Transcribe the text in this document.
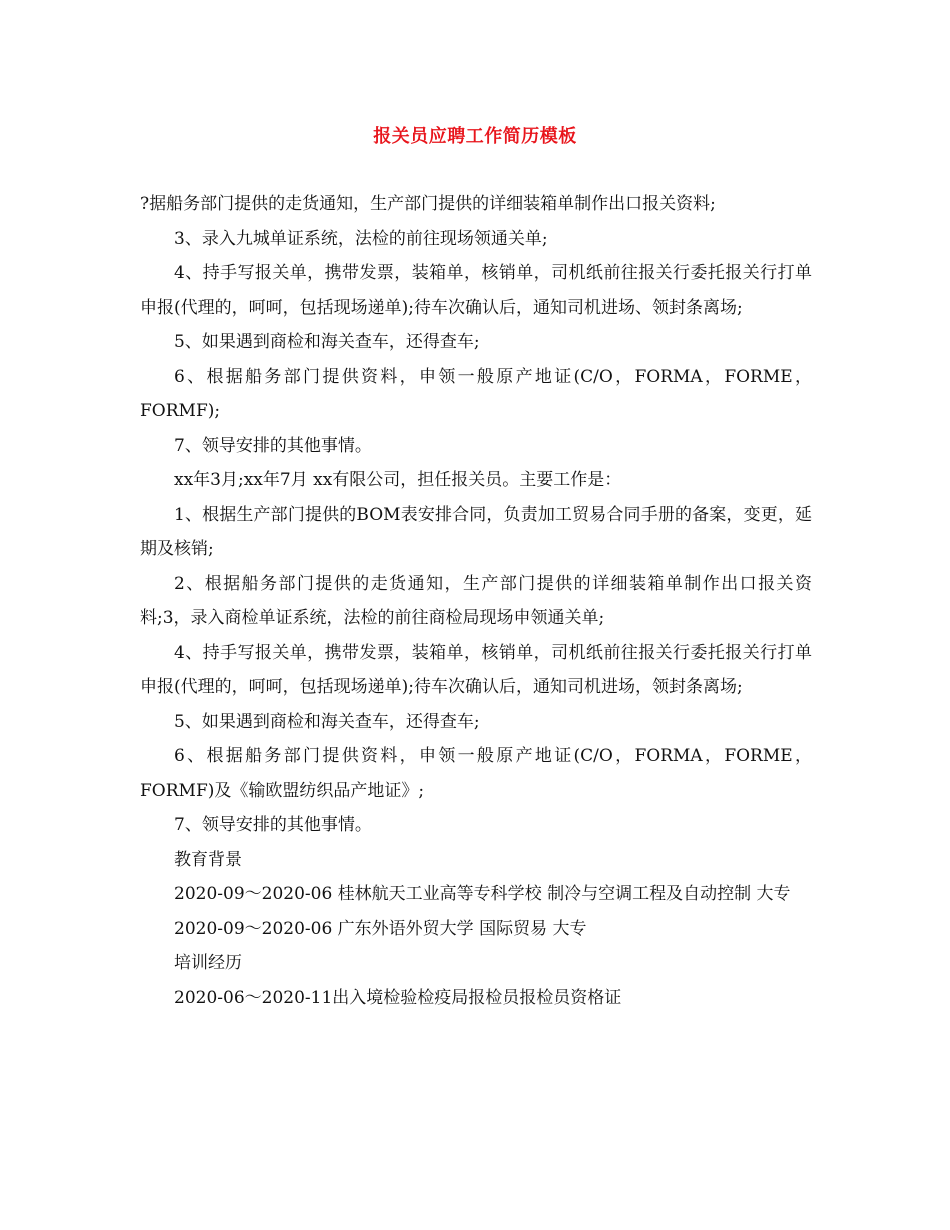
报关员应聘工作简历模板

?据船务部门提供的走货通知，生产部门提供的详细装箱单制作出口报关资料;

3、录入九城单证系统，法检的前往现场领通关单;

4、持手写报关单，携带发票，装箱单，核销单，司机纸前往报关行委托报关行打单申报(代理的，呵呵，包括现场递单);待车次确认后，通知司机进场、领封条离场;

5、如果遇到商检和海关查车，还得查车;

6、根据船务部门提供资料，申领一般原产地证(C/O，FORMA，FORME，FORMF);

7、领导安排的其他事情。

xx年3月;xx年7月 xx有限公司，担任报关员。主要工作是：

1、根据生产部门提供的BOM表安排合同，负责加工贸易合同手册的备案，变更，延期及核销;

2、根据船务部门提供的走货通知，生产部门提供的详细装箱单制作出口报关资料;3，录入商检单证系统，法检的前往商检局现场申领通关单;

4、持手写报关单，携带发票，装箱单，核销单，司机纸前往报关行委托报关行打单申报(代理的，呵呵，包括现场递单);待车次确认后，通知司机进场，领封条离场;

5、如果遇到商检和海关查车，还得查车;

6、根据船务部门提供资料，申领一般原产地证(C/O，FORMA，FORME，FORMF)及《输欧盟纺织品产地证》;

7、领导安排的其他事情。

教育背景

2020-09～2020-06 桂林航天工业高等专科学校 制冷与空调工程及自动控制 大专

2020-09～2020-06 广东外语外贸大学 国际贸易 大专

培训经历

2020-06～2020-11出入境检验检疫局报检员报检员资格证
